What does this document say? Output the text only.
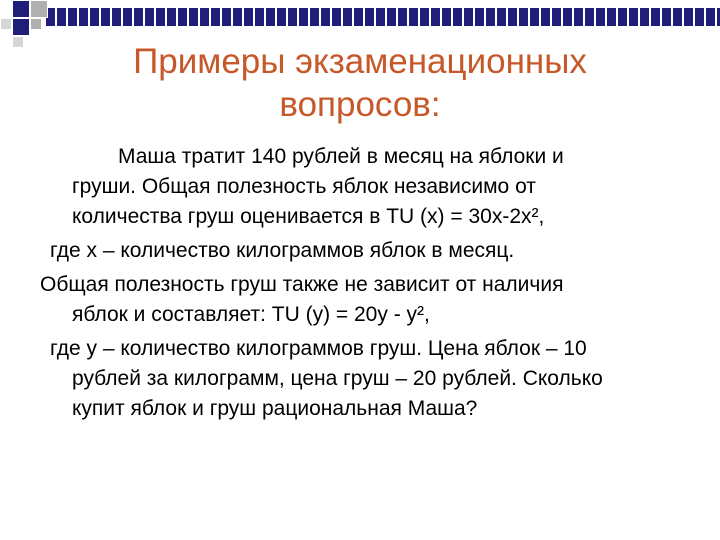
Примеры экзаменационных вопросов:

Маша тратит 140 рублей в месяц на яблоки и

груши. Общая полезность яблок независимо от

количества груш оценивается в TU (x) = 30x-2x²,

где x – количество килограммов яблок в месяц.

Общая полезность груш также не зависит от наличия

яблок и составляет: TU (y) = 20y - y²,

где y – количество килограммов груш. Цена яблок – 10

рублей за килограмм, цена груш – 20 рублей. Сколько

купит яблок и груш рациональная Маша?
